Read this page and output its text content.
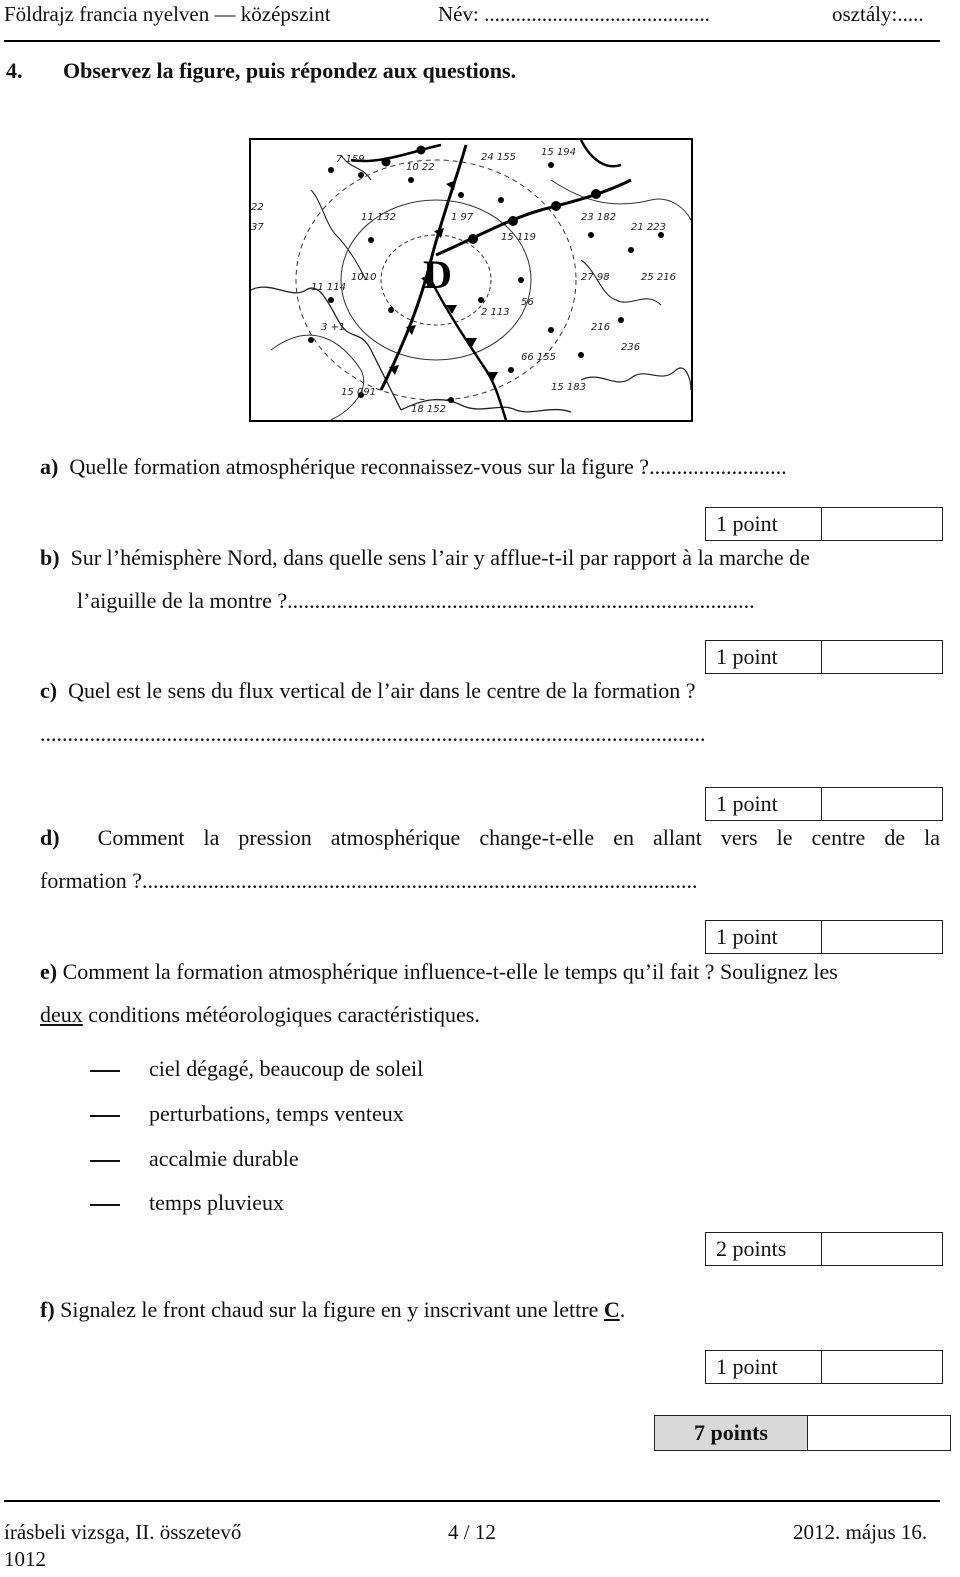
Földrajz francia nyelven — középszint	Név: ...........................................	osztály:.....
4. Observez la figure, puis répondez aux questions.
7 159
10 22
24 155	15 194
23 182
21 223
11 132
1010
11 114
15 119
56
27 98	25 216
216
236
66 155
15 183
15 091
18 152
2 113
3 +1
22
37
1 97
D
a) Quelle formation atmosphérique reconnaissez-vous sur la figure ?.........................
1 point
b) Sur l’hémisphère Nord, dans quelle sens l’air y afflue-t-il par rapport à la marche de
l’aiguille de la montre ?.....................................................................................
1 point
c) Quel est le sens du flux vertical de l’air dans le centre de la formation ?
.........................................................................................................................
1 point
d) Comment la pression atmosphérique change-t-elle en allant vers le centre de la
formation ?.....................................................................................................
1 point
e) Comment la formation atmosphérique influence-t-elle le temps qu’il fait ? Soulignez les
deux conditions météorologiques caractéristiques.
ciel dégagé, beaucoup de soleil
perturbations, temps venteux
accalmie durable
temps pluvieux
2 points
f) Signalez le front chaud sur la figure en y inscrivant une lettre C.
1 point
7 points
írásbeli vizsga, II. összetevő
1012
4 / 12	2012. május 16.
